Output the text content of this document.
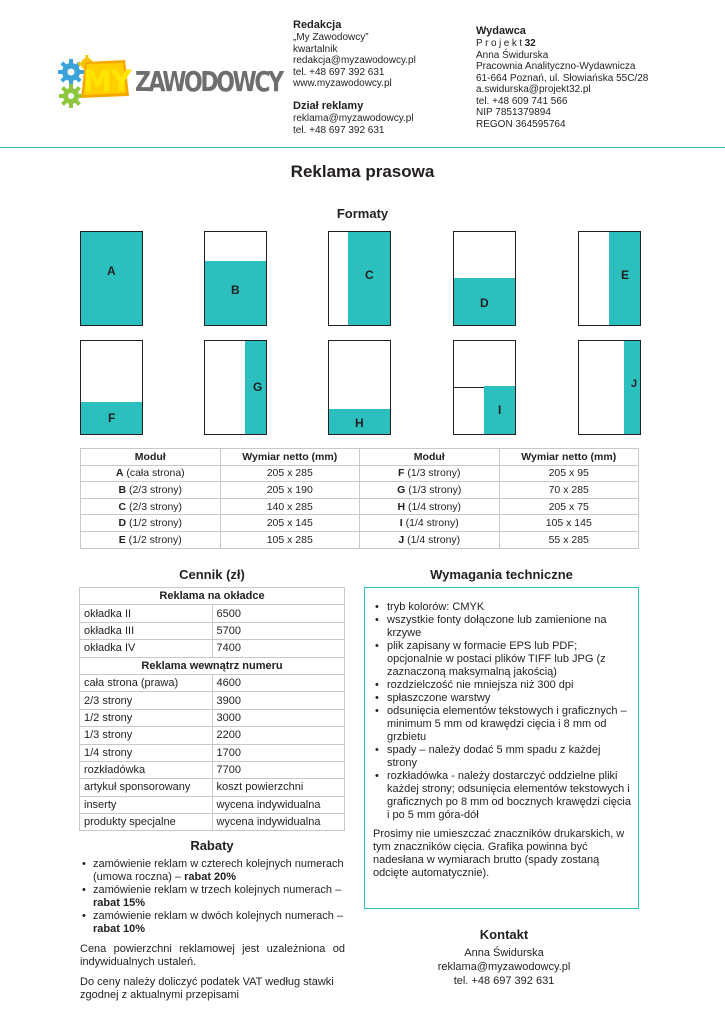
MY ZAWODOWCY
Redakcja
„My Zawodowcy”
kwartalnik
redakcja@myzawodowcy.pl
tel. +48 697 392 631
www.myzawodowcy.pl
Dział reklamy
reklama@myzawodowcy.pl
tel. +48 697 392 631
Wydawca
Projekt32
Anna Świdurska
Pracownia Analityczno-Wydawnicza
61-664 Poznań, ul. Słowiańska 55C/28
a.swidurska@projekt32.pl
tel. +48 609 741 566
NIP 7851379894
REGON 364595764
Reklama prasowa
Formaty
A
B
C
D
E
F
G
H
I
J
Moduł	Wymiar netto (mm)	Moduł	Wymiar netto (mm)
A (cała strona)	205 x 285	F (1/3 strony)	205 x 95
B (2/3 strony)	205 x 190	G (1/3 strony)	70 x 285
C (2/3 strony)	140 x 285	H (1/4 strony)	205 x 75
D (1/2 strony)	205 x 145	I (1/4 strony)	105 x 145
E (1/2 strony)	105 x 285	J (1/4 strony)	55 x 285
Cennik (zł)
Reklama na okładce	
okładka II	6500
okładka III	5700
okładka IV	7400
Reklama wewnątrz numeru	
cała strona (prawa)	4600
2/3 strony	3900
1/2 strony	3000
1/3 strony	2200
1/4 strony	1700
rozkładówka	7700
artykuł sponsorowany	koszt powierzchni
inserty	wycena indywidualna
produkty specjalne	wycena indywidualna
Wymagania techniczne
• tryb kolorów: CMYK
• wszystkie fonty dołączone lub zamienione na krzywe
• plik zapisany w formacie EPS lub PDF; opcjonalnie w postaci plików TIFF lub JPG (z zaznaczoną maksymalną jakością)
• rozdzielczość nie mniejsza niż 300 dpi
• spłaszczone warstwy
• odsunięcia elementów tekstowych i graficznych – minimum 5 mm od krawędzi cięcia i 8 mm od grzbietu
• spady – należy dodać 5 mm spadu z każdej strony
• rozkładówka - należy dostarczyć oddzielne pliki każdej strony; odsunięcia elementów tekstowych i graficznych po 8 mm od bocznych krawędzi cięcia i po 5 mm góra-dół

Prosimy nie umieszczać znaczników drukarskich, w tym znaczników cięcia. Grafika powinna być nadesłana w wymiarach brutto (spady zostaną odcięte automatycznie).

Rabaty
• zamówienie reklam w czterech kolejnych numerach (umowa roczna) – rabat 20%
• zamówienie reklam w trzech kolejnych numerach – rabat 15%
• zamówienie reklam w dwóch kolejnych numerach – rabat 10%

Cena powierzchni reklamowej jest uzależniona od indywidualnych ustaleń.

Do ceny należy doliczyć podatek VAT według stawki zgodnej z aktualnymi przepisami

Kontakt
Anna Świdurska
reklama@myzawodowcy.pl
tel. +48 697 392 631
